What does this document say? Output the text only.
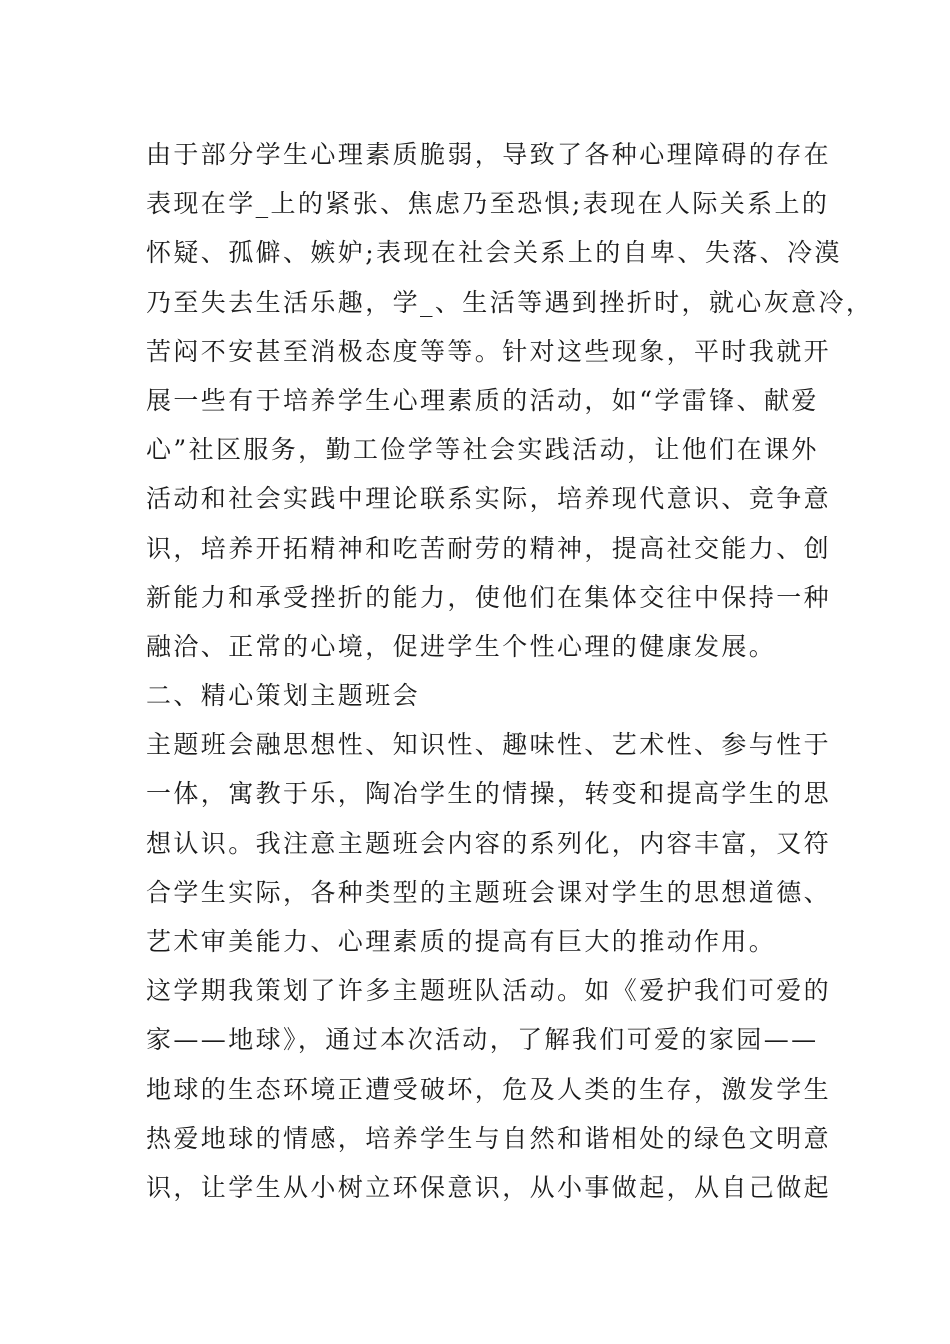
由于部分学生心理素质脆弱，导致了各种心理障碍的存在
表现在学_上的紧张、焦虑乃至恐惧;表现在人际关系上的
怀疑、孤僻、嫉妒;表现在社会关系上的自卑、失落、冷漠
乃至失去生活乐趣，学_、生活等遇到挫折时，就心灰意冷，
苦闷不安甚至消极态度等等。针对这些现象，平时我就开
展一些有于培养学生心理素质的活动，如“学雷锋、献爱
心”社区服务，勤工俭学等社会实践活动，让他们在课外
活动和社会实践中理论联系实际，培养现代意识、竞争意
识，培养开拓精神和吃苦耐劳的精神，提高社交能力、创
新能力和承受挫折的能力，使他们在集体交往中保持一种
融洽、正常的心境，促进学生个性心理的健康发展。
二、精心策划主题班会
主题班会融思想性、知识性、趣味性、艺术性、参与性于
一体，寓教于乐，陶冶学生的情操，转变和提高学生的思
想认识。我注意主题班会内容的系列化，内容丰富，又符
合学生实际，各种类型的主题班会课对学生的思想道德、
艺术审美能力、心理素质的提高有巨大的推动作用。
这学期我策划了许多主题班队活动。如《爱护我们可爱的
家——地球》，通过本次活动，了解我们可爱的家园——
地球的生态环境正遭受破坏，危及人类的生存，激发学生
热爱地球的情感，培养学生与自然和谐相处的绿色文明意
识，让学生从小树立环保意识，从小事做起，从自己做起
